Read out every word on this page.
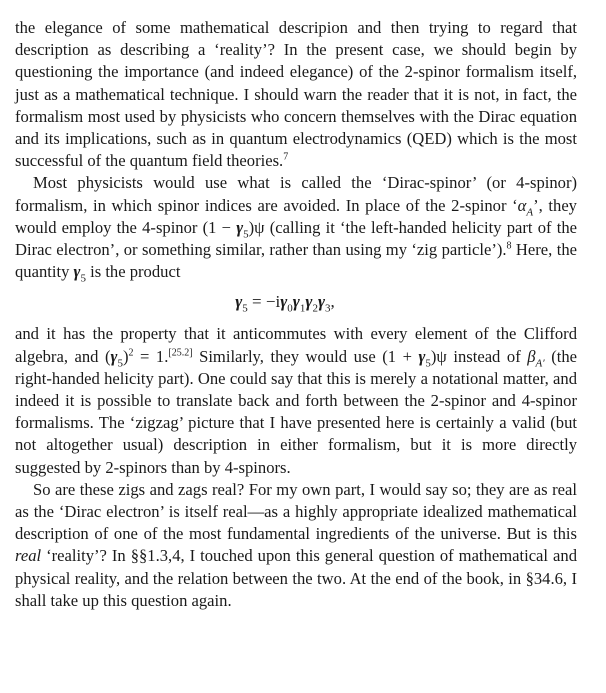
the elegance of some mathematical descripion and then trying to regard that description as describing a ‘reality’? In the present case, we should begin by questioning the importance (and indeed elegance) of the 2-spinor formalism itself, just as a mathematical technique. I should warn the reader that it is not, in fact, the formalism most used by physicists who concern themselves with the Dirac equation and its implications, such as in quantum electrodynamics (QED) which is the most successful of the quantum field theories.$^7$

Most physicists would use what is called the ‘Dirac-spinor’ (or 4-spinor) formalism, in which spinor indices are avoided. In place of the 2-spinor ‘$\alpha_A$’, they would employ the 4-spinor $(1 - \gamma_5)\psi$ (calling it ‘the left-handed helicity part of the Dirac electron’, or something similar, rather than using my ‘zig particle’).$^8$ Here, the quantity $\gamma_5$ is the product

$\gamma_5 = -i\gamma_0\gamma_1\gamma_2\gamma_3$,

and it has the property that it anticommutes with every element of the Clifford algebra, and $(\gamma_5)^2 = 1.[25.2]$ Similarly, they would use $(1 + \gamma_5)\psi$ instead of $\beta_{A'}$ (the right-handed helicity part). One could say that this is merely a notational matter, and indeed it is possible to translate back and forth between the 2-spinor and 4-spinor formalisms. The ‘zigzag’ picture that I have presented here is certainly a valid (but not altogether usual) description in either formalism, but it is more directly suggested by 2-spinors than by 4-spinors.

So are these zigs and zags real? For my own part, I would say so; they are as real as the ‘Dirac electron’ is itself real—as a highly appropriate idealized mathematical description of one of the most fundamental ingredients of the universe. But is this real ‘reality’? In §§1.3,4, I touched upon this general question of mathematical and physical reality, and the relation between the two. At the end of the book, in §34.6, I shall take up this question again.
